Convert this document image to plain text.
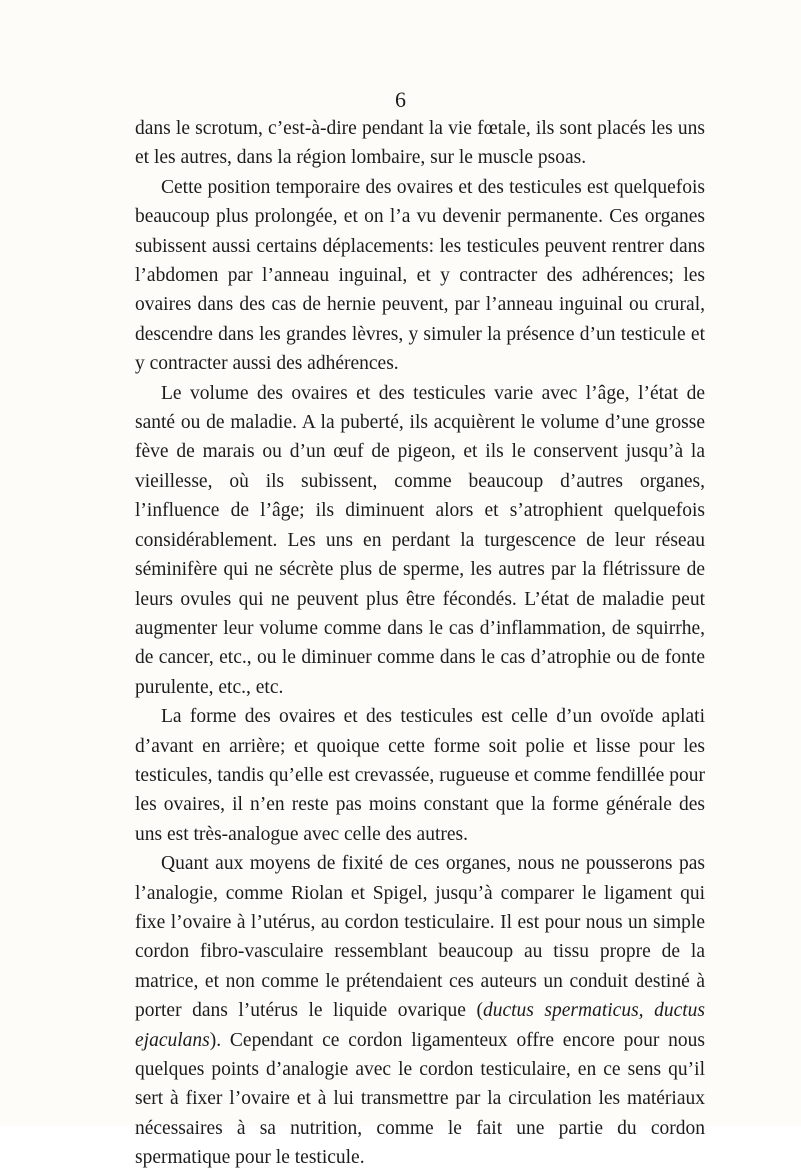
6

dans le scrotum, c’est-à-dire pendant la vie fœtale, ils sont placés les uns et les autres, dans la région lombaire, sur le muscle psoas.

Cette position temporaire des ovaires et des testicules est quelquefois beaucoup plus prolongée, et on l’a vu devenir permanente. Ces organes subissent aussi certains déplacements: les testicules peuvent rentrer dans l’abdomen par l’anneau inguinal, et y contracter des adhérences; les ovaires dans des cas de hernie peuvent, par l’anneau inguinal ou crural, descendre dans les grandes lèvres, y simuler la présence d’un testicule et y contracter aussi des adhérences.

Le volume des ovaires et des testicules varie avec l’âge, l’état de santé ou de maladie. A la puberté, ils acquièrent le volume d’une grosse fève de marais ou d’un œuf de pigeon, et ils le conservent jusqu’à la vieillesse, où ils subissent, comme beaucoup d’autres organes, l’influence de l’âge; ils diminuent alors et s’atrophient quelquefois considérablement. Les uns en perdant la turgescence de leur réseau séminifère qui ne sécrète plus de sperme, les autres par la flétrissure de leurs ovules qui ne peuvent plus être fécondés. L’état de maladie peut augmenter leur volume comme dans le cas d’inflammation, de squirrhe, de cancer, etc., ou le diminuer comme dans le cas d’atrophie ou de fonte purulente, etc., etc.

La forme des ovaires et des testicules est celle d’un ovoïde aplati d’avant en arrière; et quoique cette forme soit polie et lisse pour les testicules, tandis qu’elle est crevassée, rugueuse et comme fendillée pour les ovaires, il n’en reste pas moins constant que la forme générale des uns est très-analogue avec celle des autres.

Quant aux moyens de fixité de ces organes, nous ne pousserons pas l’analogie, comme Riolan et Spigel, jusqu’à comparer le ligament qui fixe l’ovaire à l’utérus, au cordon testiculaire. Il est pour nous un simple cordon fibro-vasculaire ressemblant beaucoup au tissu propre de la matrice, et non comme le prétendaient ces auteurs un conduit destiné à porter dans l’utérus le liquide ovarique (ductus spermaticus, ductus ejaculans). Cependant ce cordon ligamenteux offre encore pour nous quelques points d’analogie avec le cordon testiculaire, en ce sens qu’il sert à fixer l’ovaire et à lui transmettre par la circulation les matériaux nécessaires à sa nutrition, comme le fait une partie du cordon spermatique pour le testicule.
